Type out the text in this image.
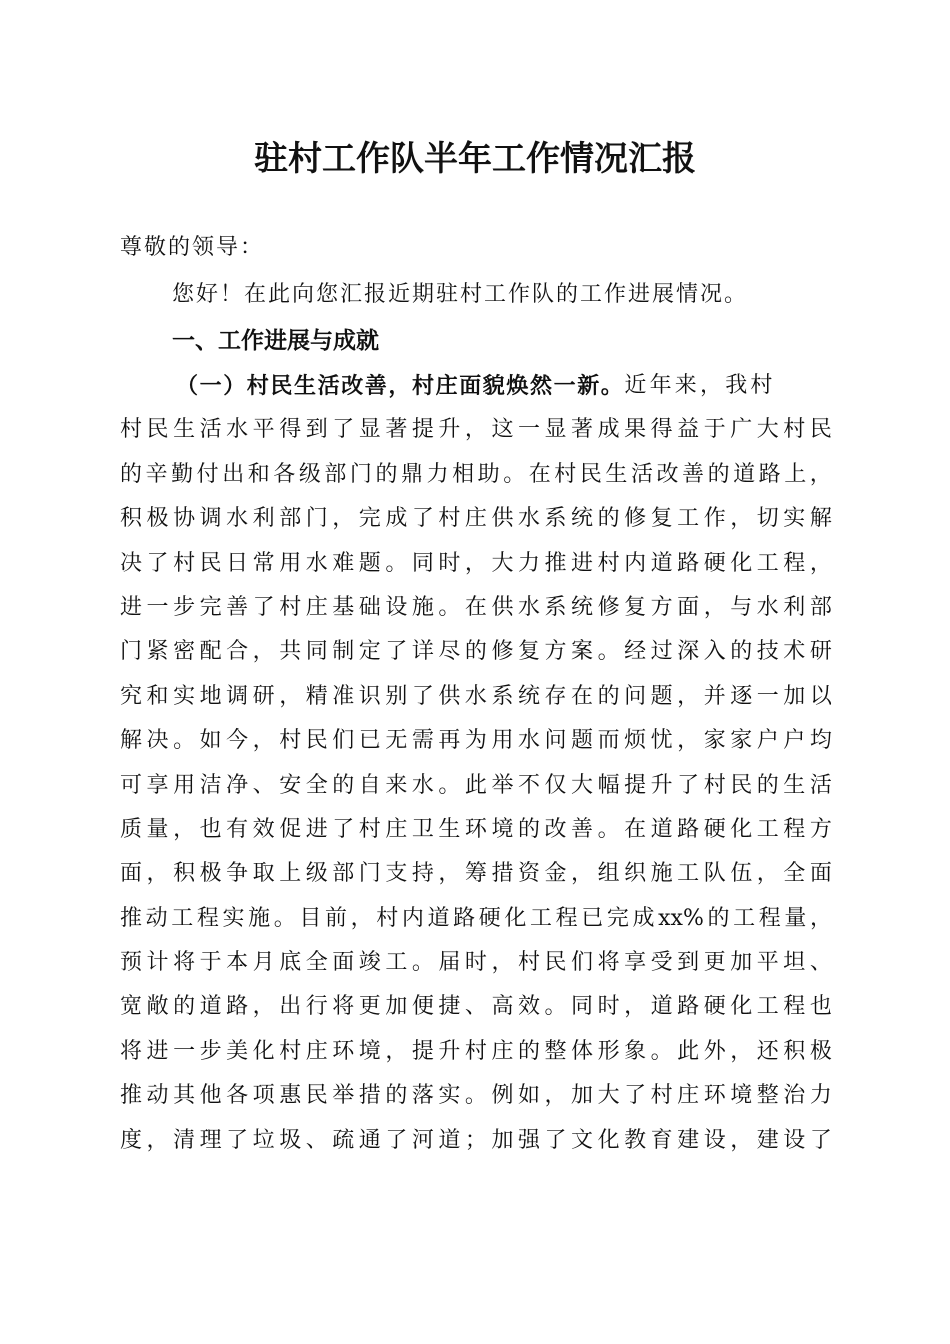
驻村工作队半年工作情况汇报
尊敬的领导：
您好！在此向您汇报近期驻村工作队的工作进展情况。
一、工作进展与成就
（一）村民生活改善，村庄面貌焕然一新。 近年来，我村
村 民 生 活 水 平 得 到 了 显 著 提 升 ， 这 一 显 著 成 果 得 益 于 广 大 村 民
的 辛 勤 付 出 和 各 级 部 门 的 鼎 力 相 助 。 在 村 民 生 活 改 善 的 道 路 上 ，
积 极 协 调 水 利 部 门 ， 完 成 了 村 庄 供 水 系 统 的 修 复 工 作 ， 切 实 解
决 了 村 民 日 常 用 水 难 题 。 同 时 ， 大 力 推 进 村 内 道 路 硬 化 工 程 ，
进 一 步 完 善 了 村 庄 基 础 设 施 。 在 供 水 系 统 修 复 方 面 ， 与 水 利 部
门 紧 密 配 合 ， 共 同 制 定 了 详 尽 的 修 复 方 案 。 经 过 深 入 的 技 术 研
究 和 实 地 调 研 ， 精 准 识 别 了 供 水 系 统 存 在 的 问 题 ， 并 逐 一 加 以
解 决 。 如 今 ， 村 民 们 已 无 需 再 为 用 水 问 题 而 烦 忧 ， 家 家 户 户 均
可 享 用 洁 净 、 安 全 的 自 来 水 。 此 举 不 仅 大 幅 提 升 了 村 民 的 生 活
质 量 ， 也 有 效 促 进 了 村 庄 卫 生 环 境 的 改 善 。 在 道 路 硬 化 工 程 方
面 ， 积 极 争 取 上 级 部 门 支 持 ， 筹 措 资 金 ， 组 织 施 工 队 伍 ， 全 面
推 动 工 程 实 施 。 目 前 ， 村 内 道 路 硬 化 工 程 已 完 成 xx% 的 工 程 量 ，
预 计 将 于 本 月 底 全 面 竣 工 。 届 时 ， 村 民 们 将 享 受 到 更 加 平 坦 、
宽 敞 的 道 路 ， 出 行 将 更 加 便 捷 、 高 效 。 同 时 ， 道 路 硬 化 工 程 也
将 进 一 步 美 化 村 庄 环 境 ， 提 升 村 庄 的 整 体 形 象 。 此 外 ， 还 积 极
推 动 其 他 各 项 惠 民 举 措 的 落 实 。 例 如 ， 加 大 了 村 庄 环 境 整 治 力
度 ， 清 理 了 垃 圾 、 疏 通 了 河 道 ； 加 强 了 文 化 教 育 建 设 ， 建 设 了
